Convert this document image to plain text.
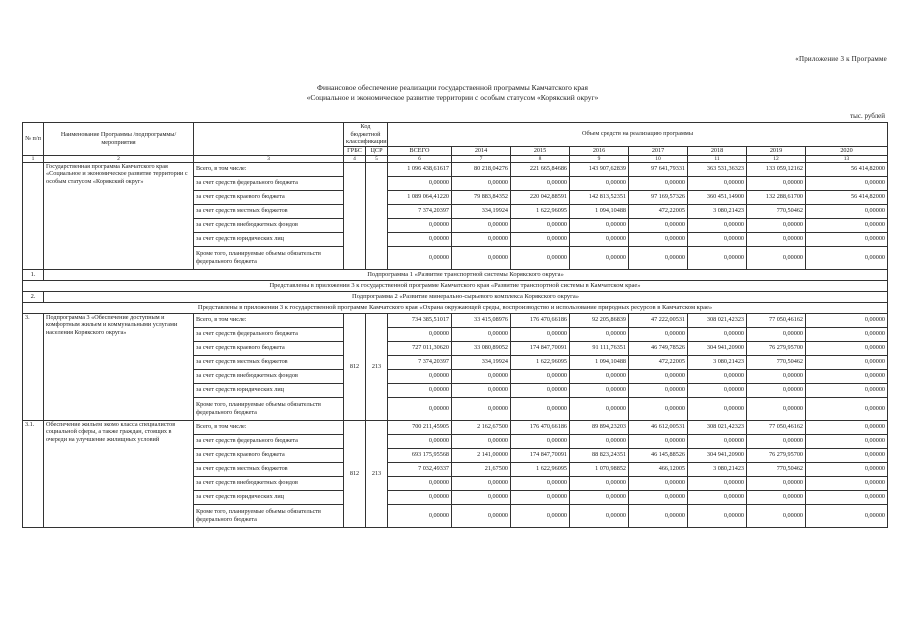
«Приложение 3 к Программе
Финансовое обеспечение реализации государственной программы Камчатского края
«Социальное и экономическое развитие территории с особым статусом «Корякский округ»
тыс. рублей
№ п/п	Наименование Программы /подпрограммы/ мероприятия		Код бюджетной классификации		Объем средств на реализацию программы							
			ГРБС	ЦСР	ВСЕГО	2014	2015	2016	2017	2018	2019	2020
1	2	3	4	5	6	7	8	9	10	11	12	13
	Государственная программа Камчатского края «Социальное и экономическое развитие территории с особым статусом «Корякский округ»	Всего, в том числе:			1 096 438,61617	80 218,04276	221 665,84686	143 907,62839	97 641,79331	363 531,36323	133 059,12162	56 414,82000
		за счет средств федерального бюджета			0,00000	0,00000	0,00000	0,00000	0,00000	0,00000	0,00000	0,00000
		за счет средств краевого бюджета			1 089 064,41220	79 883,84352	220 042,88591	142 813,52351	97 169,57326	360 451,14900	132 288,61700	56 414,82000
		за счет средств местных бюджетов			7 374,20397	334,19924	1 622,96095	1 094,10488	472,22005	3 080,21423	770,50462	0,00000
		за счет средств внебюджетных фондов			0,00000	0,00000	0,00000	0,00000	0,00000	0,00000	0,00000	0,00000
		за счет средств юридических лиц			0,00000	0,00000	0,00000	0,00000	0,00000	0,00000	0,00000	0,00000
		Кроме того, планируемые объемы обязательств федерального бюджета			0,00000	0,00000	0,00000	0,00000	0,00000	0,00000	0,00000	0,00000
1.	Подпрограмма 1 «Развитие транспортной системы Корякского округа»											
Представлены в приложении 3 к государственной программе Камчатского края «Развитие транспортной системы в Камчатском крае»												
2.	Подпрограмма 2 «Развитие минерально-сырьевого комплекса Корякского округа»											
Представлены в приложении 3 к государственной программе Камчатского края «Охрана окружающей среды, воспроизводство и использование природных ресурсов в Камчатском крае»												
3.	Подпрограмма 3 «Обеспечение доступным и комфортным жильем и коммунальными услугами населения Корякского округа»	Всего, в том числе:	812	213	734 385,51017	33 415,08976	176 470,66186	92 205,86839	47 222,00531	308 021,42323	77 050,46162	0,00000
		за счет средств федерального бюджета			0,00000	0,00000	0,00000	0,00000	0,00000	0,00000	0,00000	0,00000
		за счет средств краевого бюджета			727 011,30620	33 080,89052	174 847,70091	91 111,76351	46 749,78526	304 941,20900	76 279,95700	0,00000
		за счет средств местных бюджетов			7 374,20397	334,19924	1 622,96095	1 094,10488	472,22005	3 080,21423	770,50462	0,00000
		за счет средств внебюджетных фондов			0,00000	0,00000	0,00000	0,00000	0,00000	0,00000	0,00000	0,00000
		за счет средств юридических лиц			0,00000	0,00000	0,00000	0,00000	0,00000	0,00000	0,00000	0,00000
		Кроме того, планируемые объемы обязательств федерального бюджета			0,00000	0,00000	0,00000	0,00000	0,00000	0,00000	0,00000	0,00000
3.1.	Обеспечение жильем экомо класса специалистов социальной сферы, а также граждан, стоящих в очереди на улучшение жилищных условий	Всего, в том числе:	812	213	700 211,45905	2 162,67500	176 470,66186	89 894,23203	46 612,00531	308 021,42323	77 050,46162	0,00000
		за счет средств федерального бюджета			0,00000	0,00000	0,00000	0,00000	0,00000	0,00000	0,00000	0,00000
		за счет средств краевого бюджета			693 175,95568	2 141,00000	174 847,70091	88 823,24351	46 145,88526	304 941,20900	76 279,95700	0,00000
		за счет средств местных бюджетов			7 032,49337	21,67500	1 622,96095	1 070,98852	466,12005	3 080,21423	770,50462	0,00000
		за счет средств внебюджетных фондов			0,00000	0,00000	0,00000	0,00000	0,00000	0,00000	0,00000	0,00000
		за счет средств юридических лиц			0,00000	0,00000	0,00000	0,00000	0,00000	0,00000	0,00000	0,00000
		Кроме того, планируемые объемы обязательств федерального бюджета			0,00000	0,00000	0,00000	0,00000	0,00000	0,00000	0,00000	0,00000
